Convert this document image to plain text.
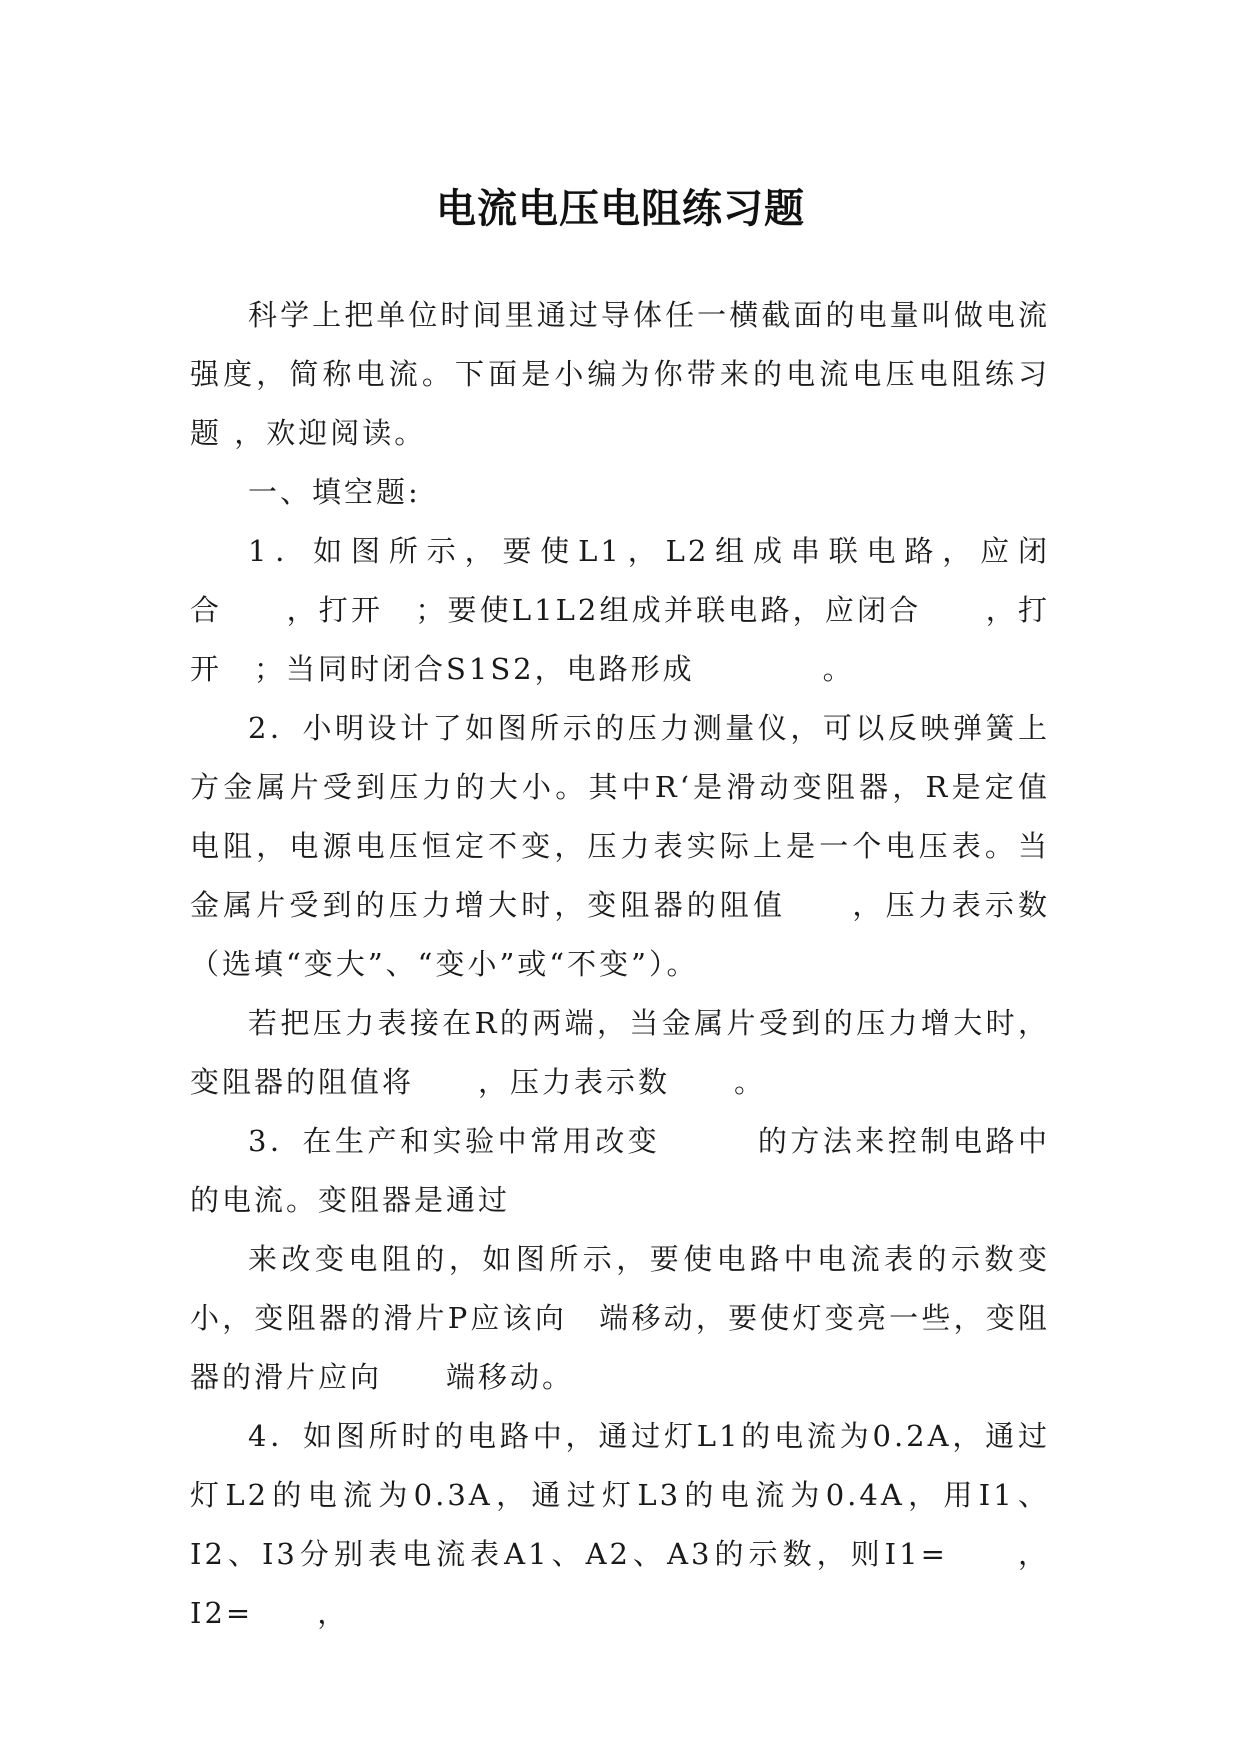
电流电压电阻练习题

科学上把单位时间里通过导体任一横截面的电量叫做电流强度，简称电流。下面是小编为你带来的电流电压电阻练习题 ，欢迎阅读。

一、填空题:

1．如图所示，要使L1，L2组成串联电路，应闭合　　，打开　；要使L1L2组成并联电路，应闭合　　，打开　；当同时闭合S1S2，电路形成　　　　。

2．小明设计了如图所示的压力测量仪，可以反映弹簧上方金属片受到压力的大小。其中R‘是滑动变阻器，R是定值电阻，电源电压恒定不变，压力表实际上是一个电压表。当金属片受到的压力增大时，变阻器的阻值　　，压力表示数　（选填“变大”、“变小”或“不变”）。

若把压力表接在R的两端，当金属片受到的压力增大时，变阻器的阻值将　　，压力表示数　　。

3．在生产和实验中常用改变　　　的方法来控制电路中的电流。变阻器是通过

来改变电阻的，如图所示，要使电路中电流表的示数变小，变阻器的滑片P应该向　端移动，要使灯变亮一些，变阻器的滑片应向　　端移动。

4．如图所时的电路中，通过灯L1的电流为0.2A，通过灯L2的电流为0.3A，通过灯L3的电流为0.4A，用I1、I2、I3分别表电流表A1、A2、A3的示数，则I1=　　，I2=　　，
